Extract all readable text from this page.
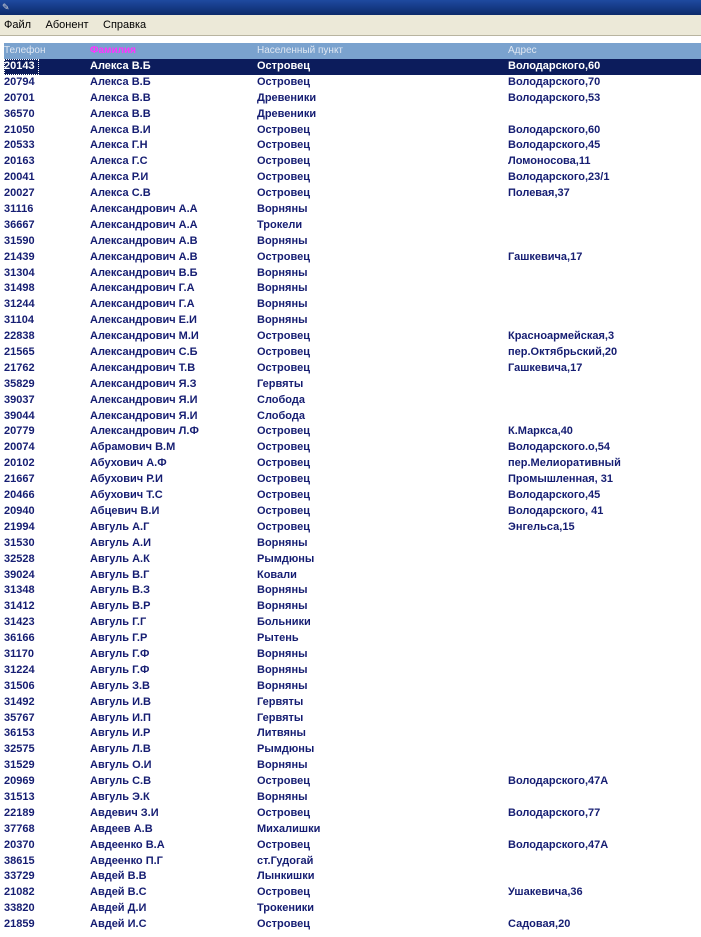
✎
Файл Абонент Справка
Телефон	Фамилия	Населенный пункт	Адрес
20143	Алекса В.Б	Островец	Володарского,60
20794	Алекса В.Б	Островец	Володарского,70
20701	Алекса В.В	Древеники	Володарского,53
36570	Алекса В.В	Древеники
21050	Алекса В.И	Островец	Володарского,60
20533	Алекса Г.Н	Островец	Володарского,45
20163	Алекса Г.С	Островец	Ломоносова,11
20041	Алекса Р.И	Островец	Володарского,23/1
20027	Алекса С.В	Островец	Полевая,37
31116	Александрович А.А	Ворняны
36667	Александрович А.А	Трокели
31590	Александрович А.В	Ворняны
21439	Александрович А.В	Островец	Гашкевича,17
31304	Александрович В.Б	Ворняны
31498	Александрович Г.А	Ворняны
31244	Александрович Г.А	Ворняны
31104	Александрович Е.И	Ворняны
22838	Александрович М.И	Островец	Красноармейская,3
21565	Александрович С.Б	Островец	пер.Октябрьский,20
21762	Александрович Т.В	Островец	Гашкевича,17
35829	Александрович Я.З	Гервяты
39037	Александрович Я.И	Слобода
39044	Александрович Я.И	Слобода
20779	Александрович Л.Ф	Островец	К.Маркса,40
20074	Абрамович В.М	Островец	Володарского.о,54
20102	Абухович А.Ф	Островец	пер.Мелиоративный
21667	Абухович Р.И	Островец	Промышленная, 31
20466	Абухович Т.С	Островец	Володарского,45
20940	Абцевич В.И	Островец	Володарского, 41
21994	Авгуль А.Г	Островец	Энгельса,15
31530	Авгуль А.И	Ворняны
32528	Авгуль А.К	Рымдюны
39024	Авгуль В.Г	Ковали
31348	Авгуль В.З	Ворняны
31412	Авгуль В.Р	Ворняны
31423	Авгуль Г.Г	Больники
36166	Авгуль Г.Р	Рытень
31170	Авгуль Г.Ф	Ворняны
31224	Авгуль Г.Ф	Ворняны
31506	Авгуль З.В	Ворняны
31492	Авгуль И.В	Гервяты
35767	Авгуль И.П	Гервяты
36153	Авгуль И.Р	Литвяны
32575	Авгуль Л.В	Рымдюны
31529	Авгуль О.И	Ворняны
20969	Авгуль С.В	Островец	Володарского,47А
31513	Авгуль Э.К	Ворняны
22189	Авдевич З.И	Островец	Володарского,77
37768	Авдеев А.В	Михалишки
20370	Авдеенко В.А	Островец	Володарского,47А
38615	Авдеенко П.Г	ст.Гудогай
33729	Авдей В.В	Лынкишки
21082	Авдей В.С	Островец	Ушакевича,36
33820	Авдей Д.И	Трокеники
21859	Авдей И.С	Островец	Садовая,20
